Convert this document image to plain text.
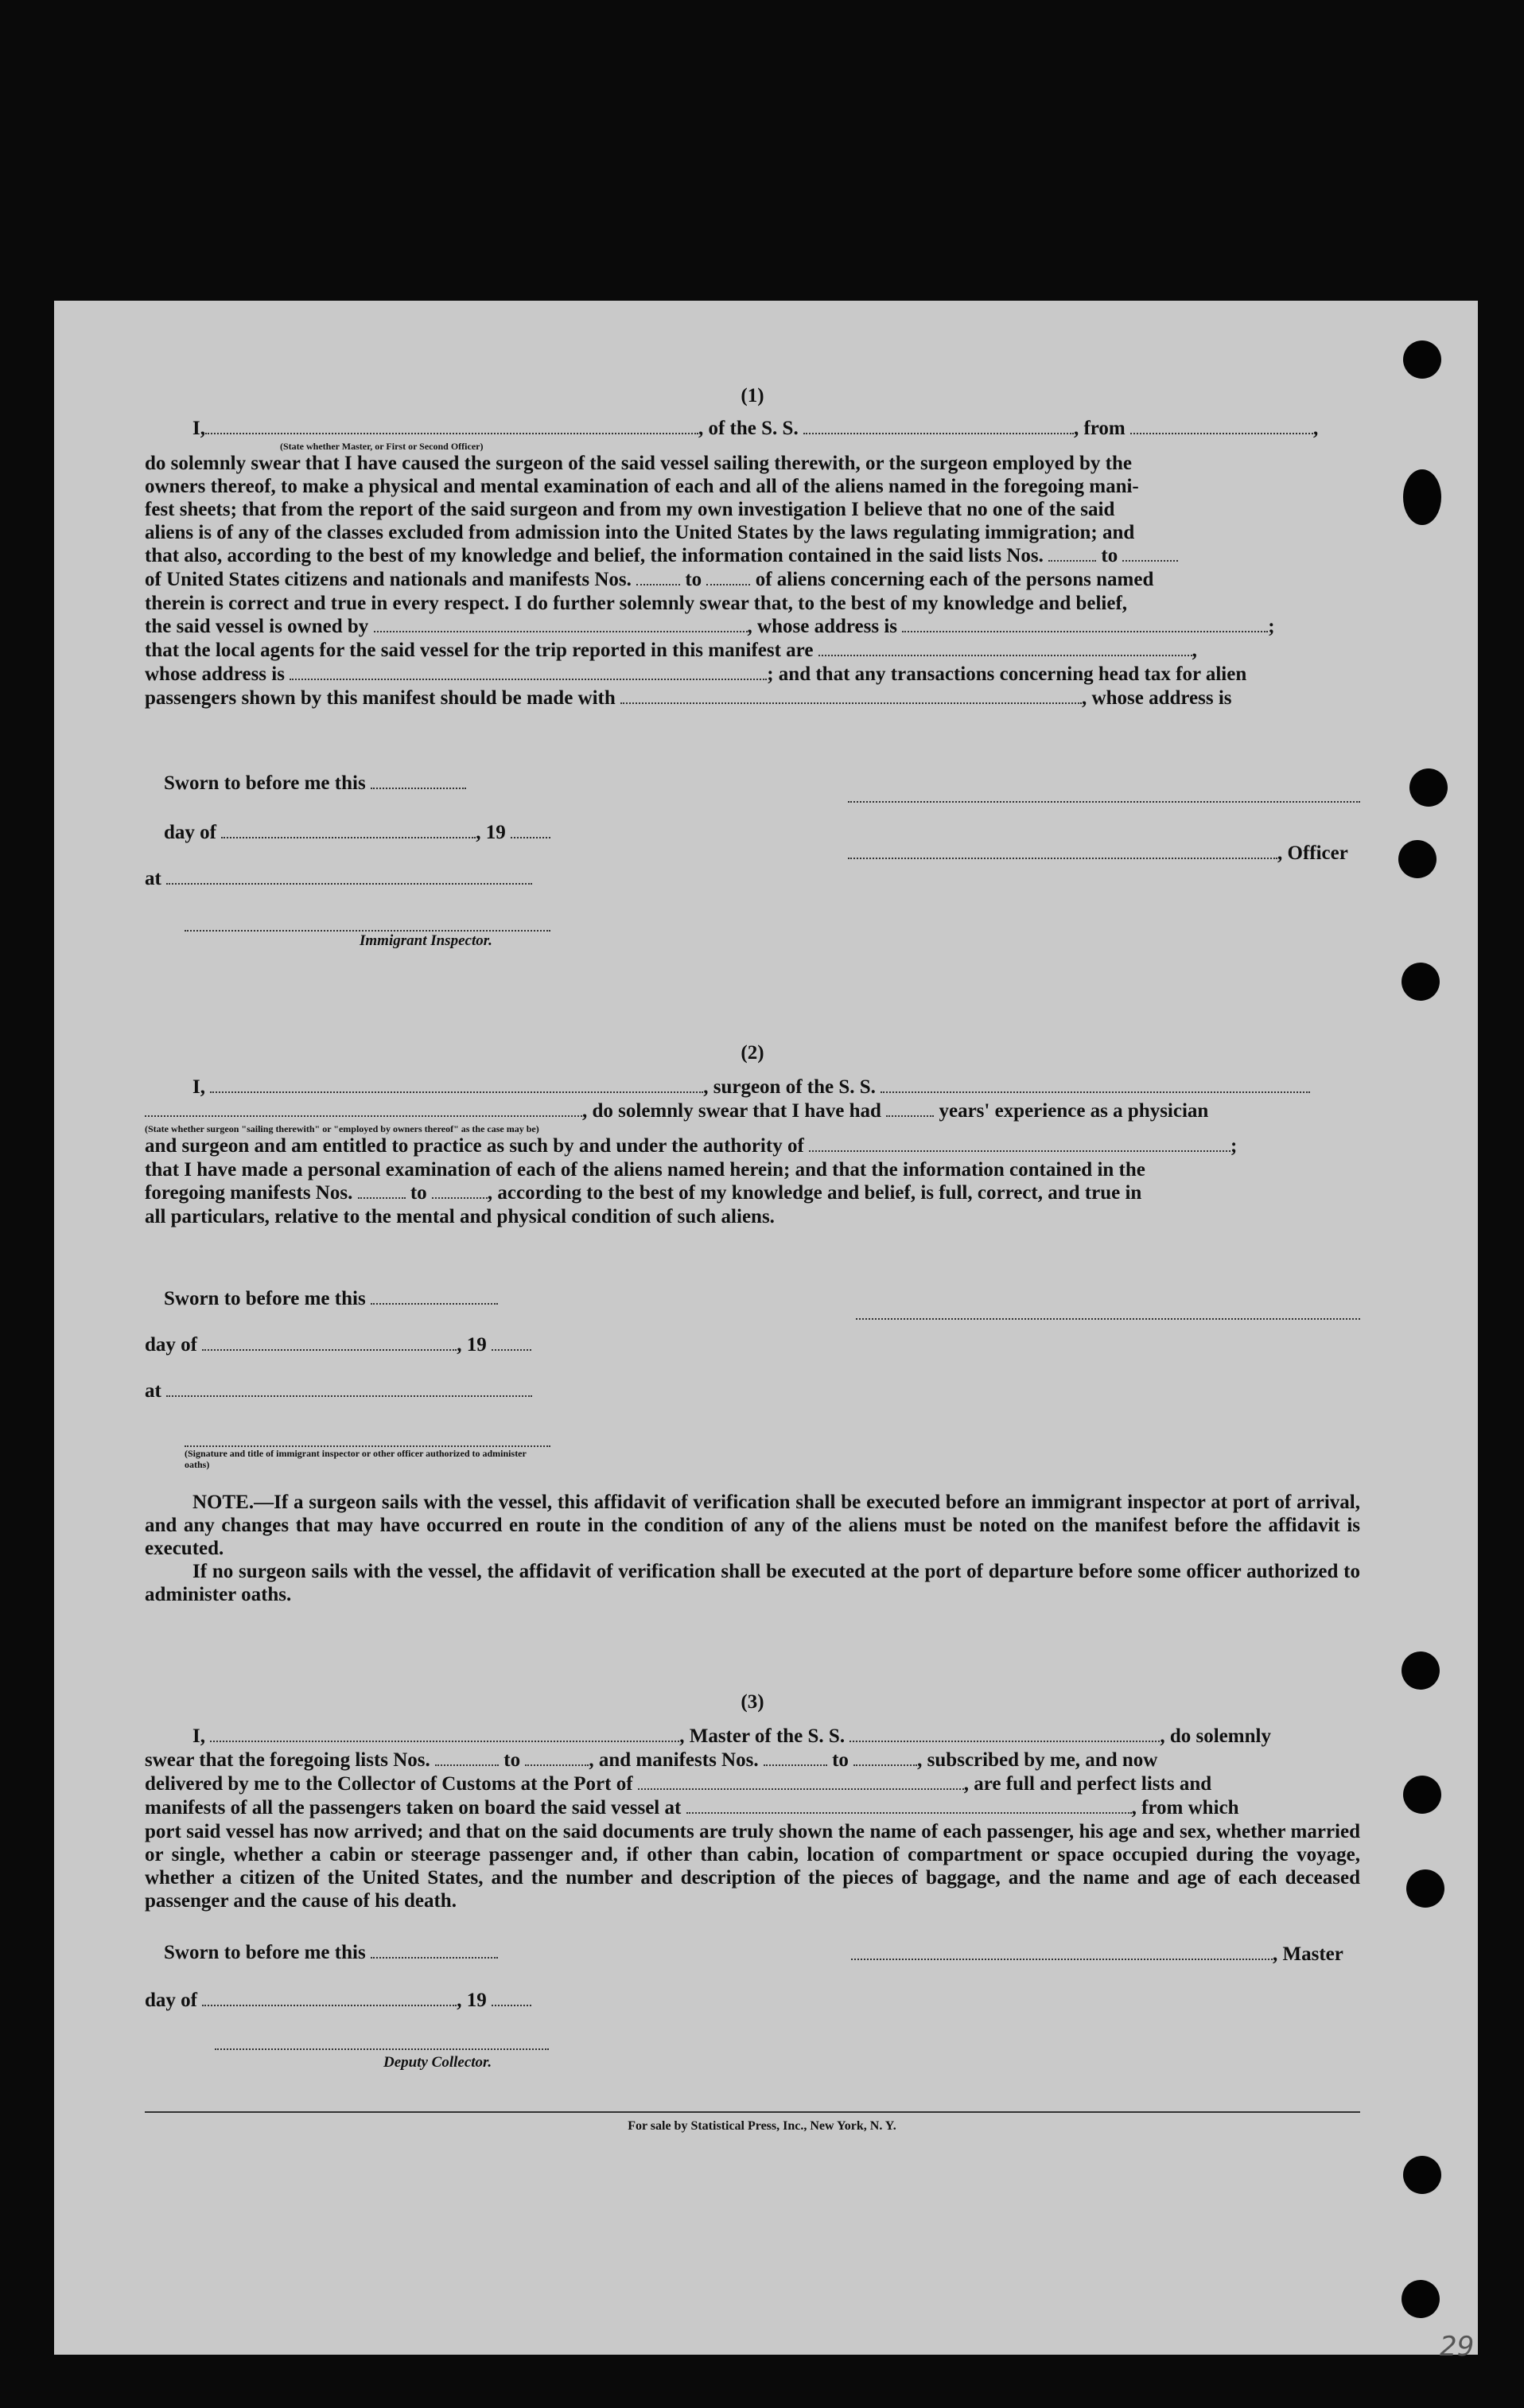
(1)

I,	, of the S. S.	, from	,

(State whether Master, or First or Second Officer)

do solemnly swear that I have caused the surgeon of the said vessel sailing therewith, or the surgeon employed by the

owners thereof, to make a physical and mental examination of each and all of the aliens named in the foregoing mani-

fest sheets; that from the report of the said surgeon and from my own investigation I believe that no one of the said

aliens is of any of the classes excluded from admission into the United States by the laws regulating immigration; and

that also, according to the best of my knowledge and belief, the information contained in the said lists Nos.	to

of United States citizens and nationals and manifests Nos.	to	of aliens concerning each of the persons named

therein is correct and true in every respect. I do further solemnly swear that, to the best of my knowledge and belief,

the said vessel is owned by	, whose address is	;

that the local agents for the said vessel for the trip reported in this manifest are	,

whose address is	; and that any transactions concerning head tax for alien

passengers shown by this manifest should be made with	, whose address is

Sworn to before me this
day of	, 19
, Officer
at
Immigrant Inspector.

(2)

I,	, surgeon of the S. S.

, do solemnly swear that I have had	years' experience as a physician

(State whether surgeon "sailing therewith" or "employed by owners thereof" as the case may be)

and surgeon and am entitled to practice as such by and under the authority of	;

that I have made a personal examination of each of the aliens named herein; and that the information contained in the

foregoing manifests Nos.	to	, according to the best of my knowledge and belief, is full, correct, and true in

all particulars, relative to the mental and physical condition of such aliens.

Sworn to before me this
day of	, 19
at
(Signature and title of immigrant inspector or other officer authorized to administer oaths)

NOTE.—If a surgeon sails with the vessel, this affidavit of verification shall be executed before an immigrant inspector at port of arrival, and any changes that may have occurred en route in the condition of any of the aliens must be noted on the manifest before the affidavit is executed.

If no surgeon sails with the vessel, the affidavit of verification shall be executed at the port of departure before some officer authorized to administer oaths.

(3)

I,	, Master of the S. S.	, do solemnly

swear that the foregoing lists Nos.	to	, and manifests Nos.	to	, subscribed by me, and now

delivered by me to the Collector of Customs at the Port of	, are full and perfect lists and

manifests of all the passengers taken on board the said vessel at	, from which

port said vessel has now arrived; and that on the said documents are truly shown the name of each passenger, his age and sex, whether married or single, whether a cabin or steerage passenger and, if other than cabin, location of compartment or space occupied during the voyage, whether a citizen of the United States, and the number and description of the pieces of baggage, and the name and age of each deceased passenger and the cause of his death.

Sworn to before me this	, Master
day of	, 19
Deputy Collector.
For sale by Statistical Press, Inc., New York, N. Y.
29
